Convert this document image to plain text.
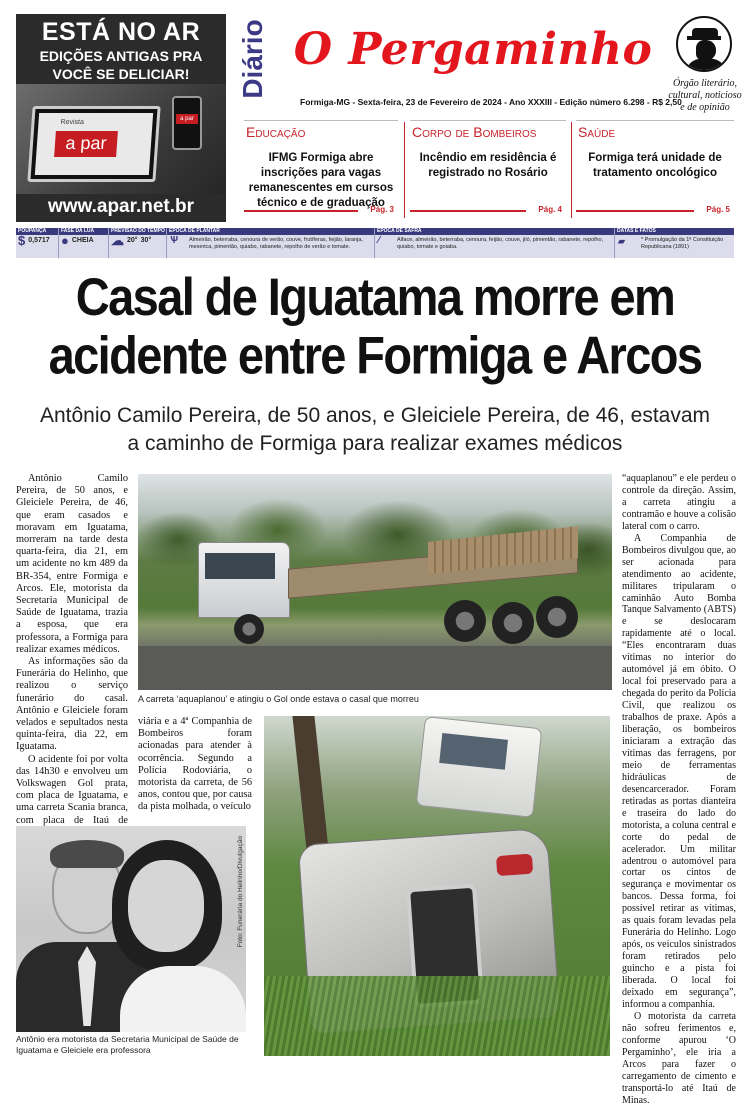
ESTÁ NO AR
EDIÇÕES ANTIGAS PRA
VOCÊ SE DELICIAR!
Revista
a par
a par
www.apar.net.br
Diário O Pergaminho
Órgão literário, cultural, noticioso e de opinião
Formiga-MG - Sexta-feira, 23 de Fevereiro de 2024 - Ano XXXIII - Edição número 6.298 - R$ 2,50
Educação
IFMG Formiga abre inscrições para vagas remanescentes em cursos técnico e de graduação
Pág. 3
Corpo de Bombeiros
Incêndio em residência é registrado no Rosário
Pág. 4
Saúde
Formiga terá unidade de tratamento oncológico
Pág. 5
POUPANÇA
$ 0,5717
FASE DA LUA
● CHEIA
PREVISÃO DO TEMPO
☁ 20° 30°
ÉPOCA DE PLANTAR
Ѱ Almeirão, beterraba, cenoura de verão, couve, frutíferas, feijão, laranja, mexerica, pimentão, quiabo, rabanete, repolho de verão e tomate.
ÉPOCA DE SAFRA
⁄	Alface, almeirão, beterraba, cenoura, feijão, couve, jiló, pimentão, rabanete, repolho, quiabo, tomate e goiaba.
DATAS E FATOS
▰	* Promulgação da 1ª Constituição Republicana (1891)
Casal de Iguatama morre em
acidente entre Formiga e Arcos
Antônio Camilo Pereira, de 50 anos, e Gleiciele Pereira, de 46, estavam
a caminho de Formiga para realizar exames médicos

Antônio Camilo Pereira, de 50 anos, e Gleiciele Pereira, de 46, que eram casados e moravam em Iguatama, morreram na tarde desta quarta-feira, dia 21, em um acidente no km 489 da BR-354, entre Formiga e Arcos. Ele, motorista da Secretaria Municipal de Saúde de Iguatama, trazia a esposa, que era professora, a Formiga para realizar exames médicos.

As informações são da Funerária do Helinho, que realizou o serviço funerário do casal. Antônio e Gleiciele foram velados e sepultados nesta quinta-feira, dia 22, em Iguatama.

O acidente foi por volta das 14h30 e envolveu um Volkswagen Gol prata, com placa de Iguatama, e uma carreta Scania branca, com placa de Itaú de

A carreta ‘aquaplanou’ e atingiu o Gol onde estava o casal que morreu

viária e a 4ª Companhia de Bombeiros foram acionadas para atender à ocorrência. Segundo a Polícia Rodoviária, o motorista da carreta, de 56 anos, contou que, por causa da pista molhada, o veículo

Foto: Funerária do Helinho/Divulgação
Antônio era motorista da Secretaria Municipal de Saúde de Iguatama e Gleiciele era professora

“aquaplanou” e ele perdeu o controle da direção. Assim, a carreta atingiu a contramão e houve a colisão lateral com o carro.

A Companhia de Bombeiros divulgou que, ao ser acionada para atendimento ao acidente, militares tripularam o caminhão Auto Bomba Tanque Salvamento (ABTS) e se deslocaram rapidamente até o local. “Eles encontraram duas vítimas no interior do automóvel já em óbito. O local foi preservado para a chegada do perito da Polícia Civil, que realizou os trabalhos de praxe. Após a liberação, os bombeiros iniciaram a extração das vítimas das ferragens, por meio de ferramentas hidráulicas de desencarcerador. Foram retiradas as portas dianteira e traseira do lado do motorista, a coluna central e corte do pedal de acelerador. Um militar adentrou o automóvel para cortar os cintos de segurança e movimentar os bancos. Dessa forma, foi possível retirar as vítimas, as quais foram levadas pela Funerária do Helinho. Logo após, os veículos sinistrados foram retirados pelo guincho e a pista foi liberada. O local foi deixado em segurança”, informou a companhia.

O motorista da carreta não sofreu ferimentos e, conforme apurou ‘O Pergaminho’, ele iria a Arcos para fazer o carregamento de cimento e transportá-lo até Itaú de Minas.
